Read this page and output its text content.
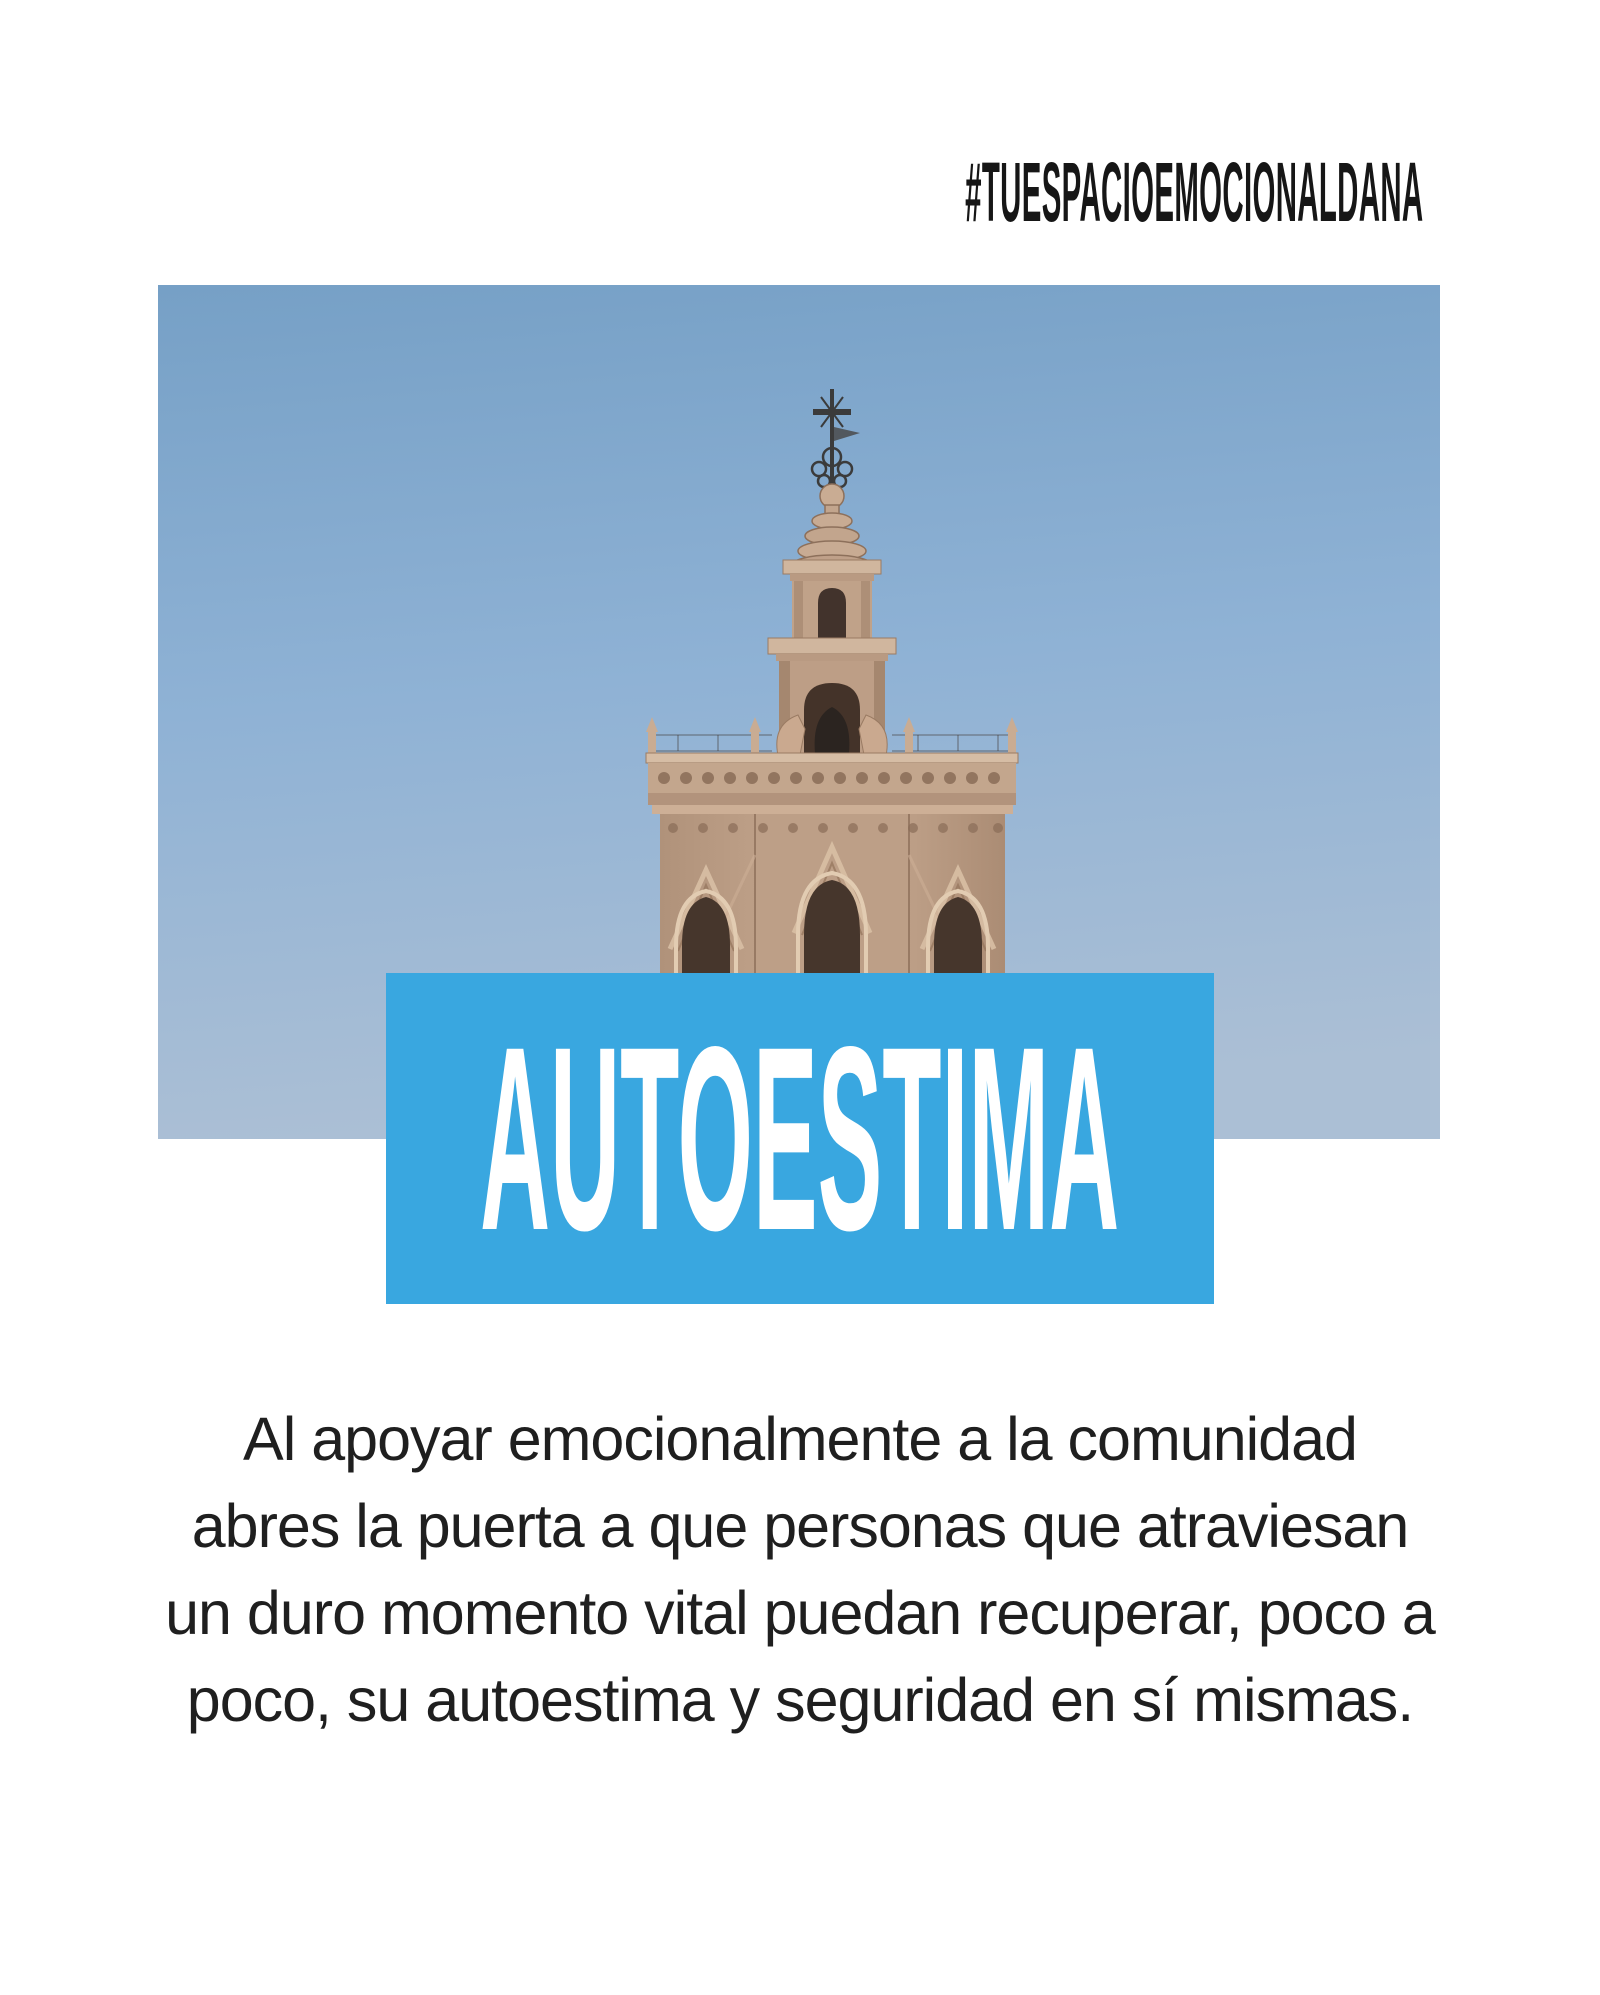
#TUESPACIOEMOCIONALDANA
AUTOESTIMA
Al apoyar emocionalmente a la comunidad
abres la puerta a que personas que atraviesan
un duro momento vital puedan recuperar, poco a
poco, su autoestima y seguridad en sí mismas.
